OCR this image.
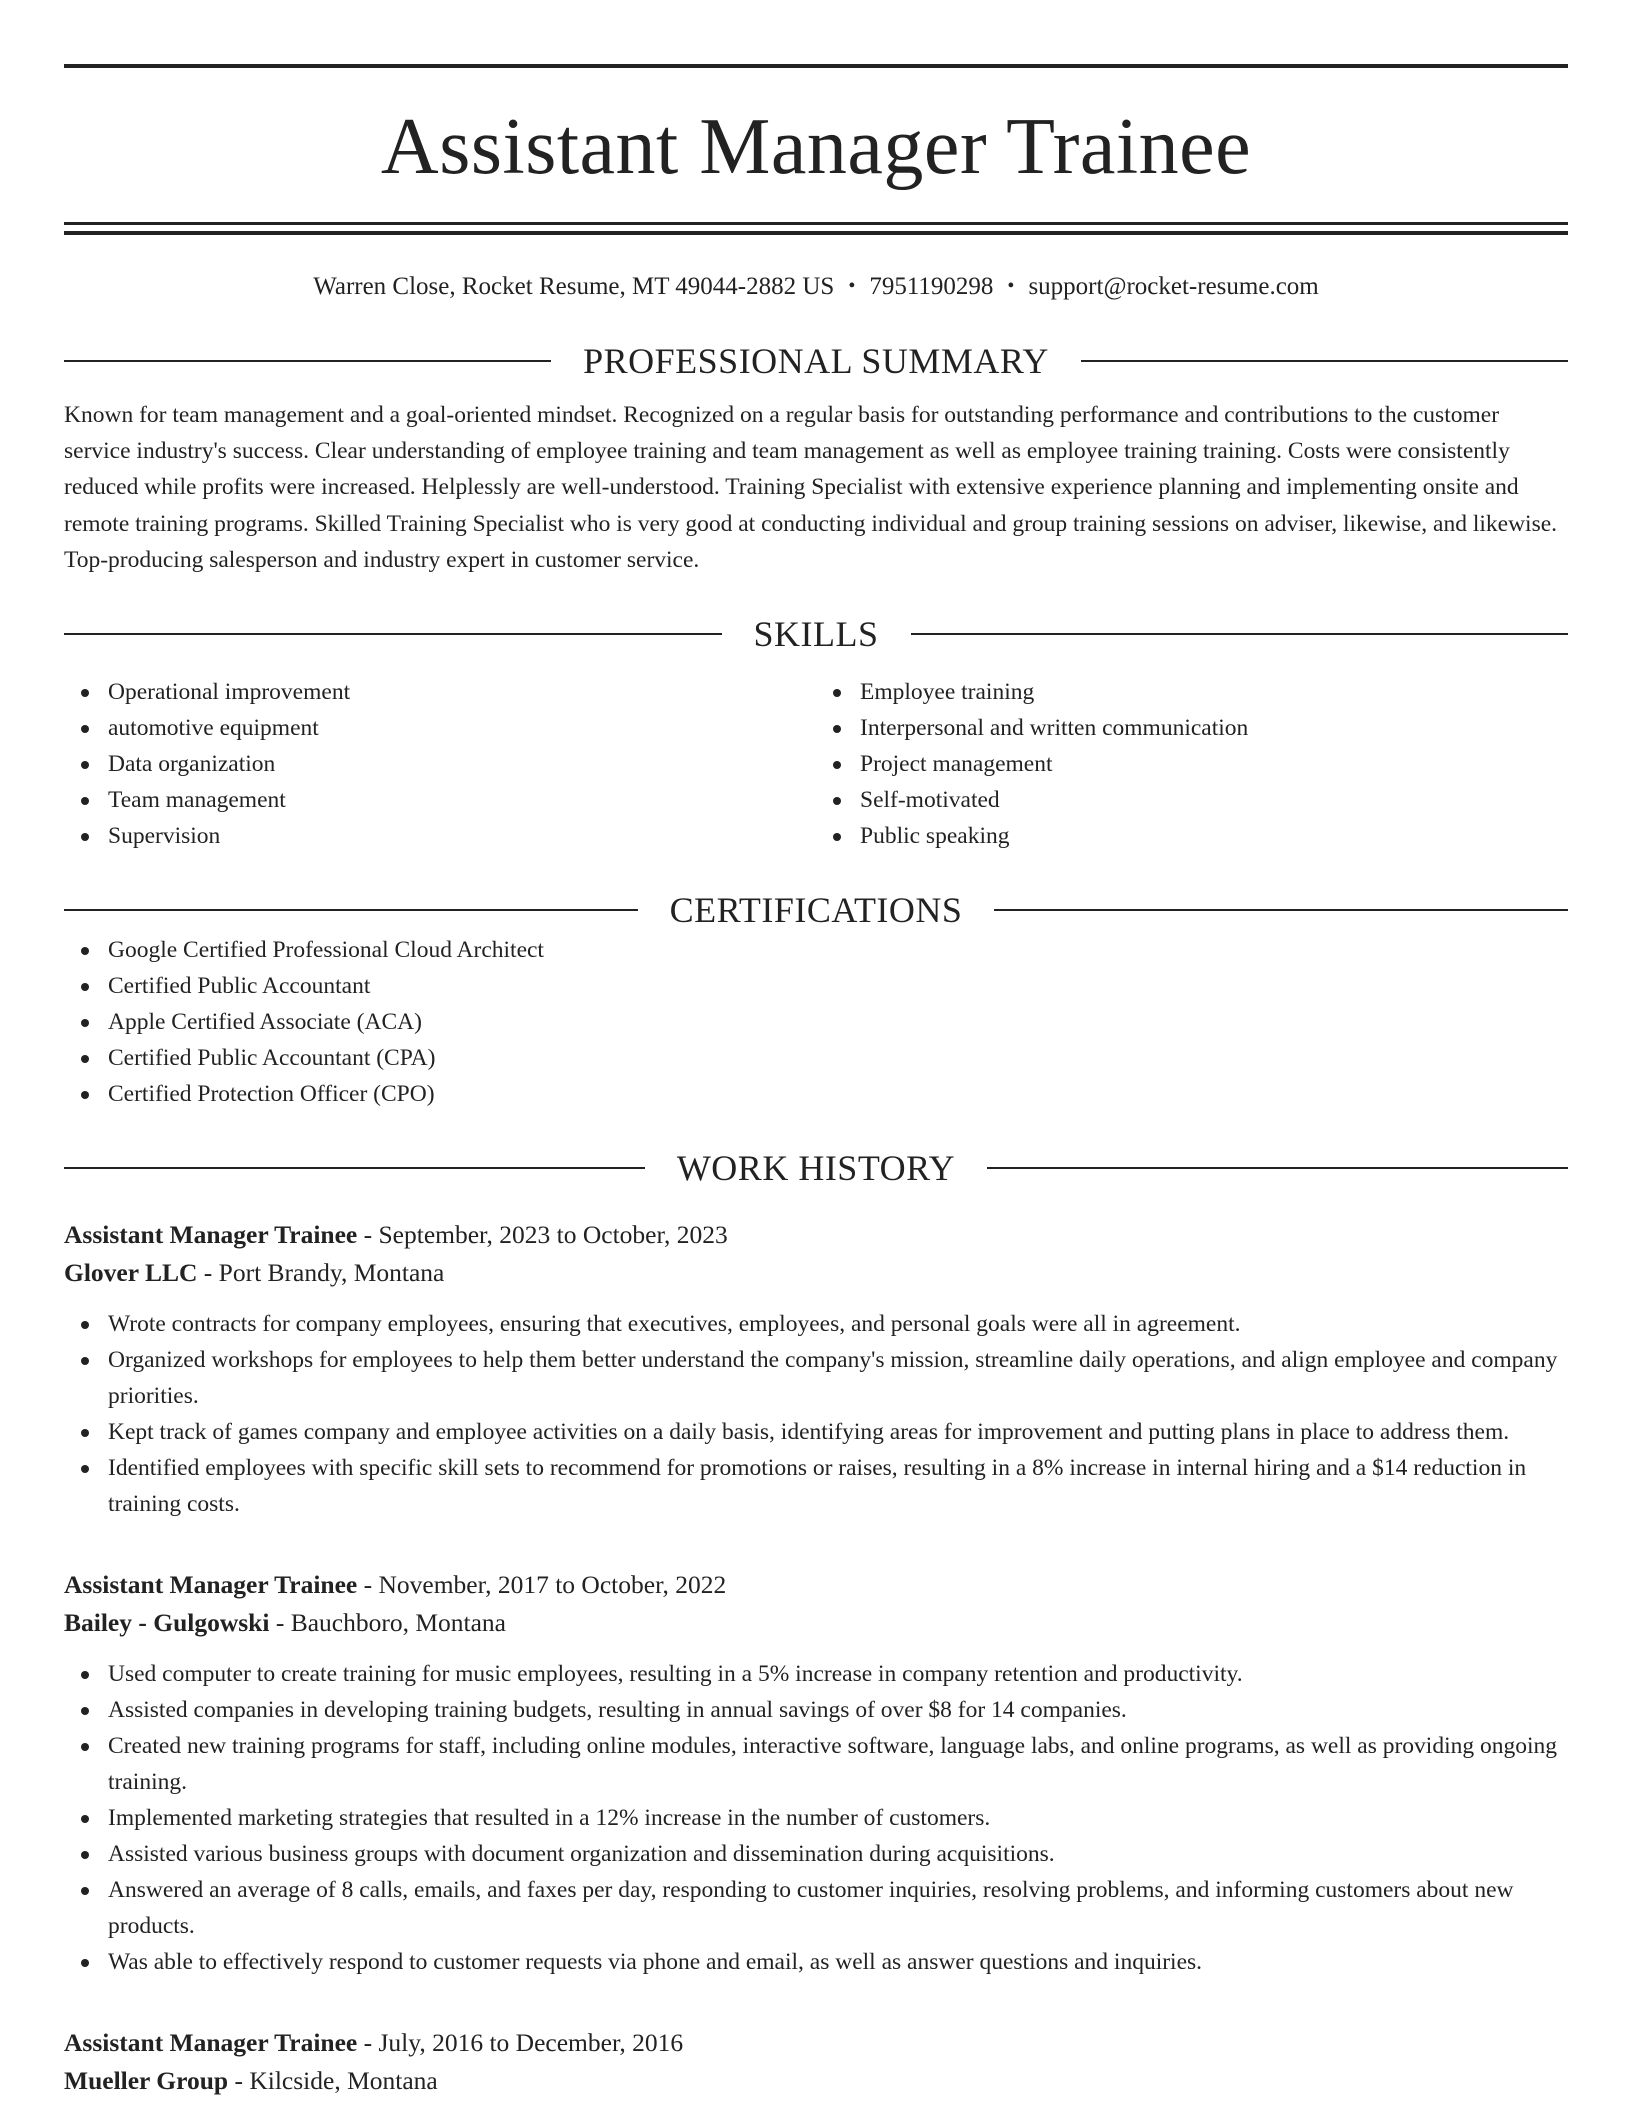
Assistant Manager Trainee
Warren Close, Rocket Resume, MT 49044-2882 US • 7951190298 • support@rocket-resume.com
PROFESSIONAL SUMMARY
Known for team management and a goal-oriented mindset. Recognized on a regular basis for outstanding performance and contributions to the customer service industry's success. Clear understanding of employee training and team management as well as employee training training. Costs were consistently reduced while profits were increased. Helplessly are well-understood. Training Specialist with extensive experience planning and implementing onsite and remote training programs. Skilled Training Specialist who is very good at conducting individual and group training sessions on adviser, likewise, and likewise. Top-producing salesperson and industry expert in customer service.
SKILLS
Operational improvement
automotive equipment
Data organization
Team management
Supervision
Employee training
Interpersonal and written communication
Project management
Self-motivated
Public speaking
CERTIFICATIONS
Google Certified Professional Cloud Architect
Certified Public Accountant
Apple Certified Associate (ACA)
Certified Public Accountant (CPA)
Certified Protection Officer (CPO)
WORK HISTORY
Assistant Manager Trainee - September, 2023 to October, 2023
Glover LLC - Port Brandy, Montana
Wrote contracts for company employees, ensuring that executives, employees, and personal goals were all in agreement.
Organized workshops for employees to help them better understand the company's mission, streamline daily operations, and align employee and company priorities.
Kept track of games company and employee activities on a daily basis, identifying areas for improvement and putting plans in place to address them.
Identified employees with specific skill sets to recommend for promotions or raises, resulting in a 8% increase in internal hiring and a $14 reduction in training costs.
Assistant Manager Trainee - November, 2017 to October, 2022
Bailey - Gulgowski - Bauchboro, Montana
Used computer to create training for music employees, resulting in a 5% increase in company retention and productivity.
Assisted companies in developing training budgets, resulting in annual savings of over $8 for 14 companies.
Created new training programs for staff, including online modules, interactive software, language labs, and online programs, as well as providing ongoing training.
Implemented marketing strategies that resulted in a 12% increase in the number of customers.
Assisted various business groups with document organization and dissemination during acquisitions.
Answered an average of 8 calls, emails, and faxes per day, responding to customer inquiries, resolving problems, and informing customers about new products.
Was able to effectively respond to customer requests via phone and email, as well as answer questions and inquiries.
Assistant Manager Trainee - July, 2016 to December, 2016
Mueller Group - Kilcside, Montana
